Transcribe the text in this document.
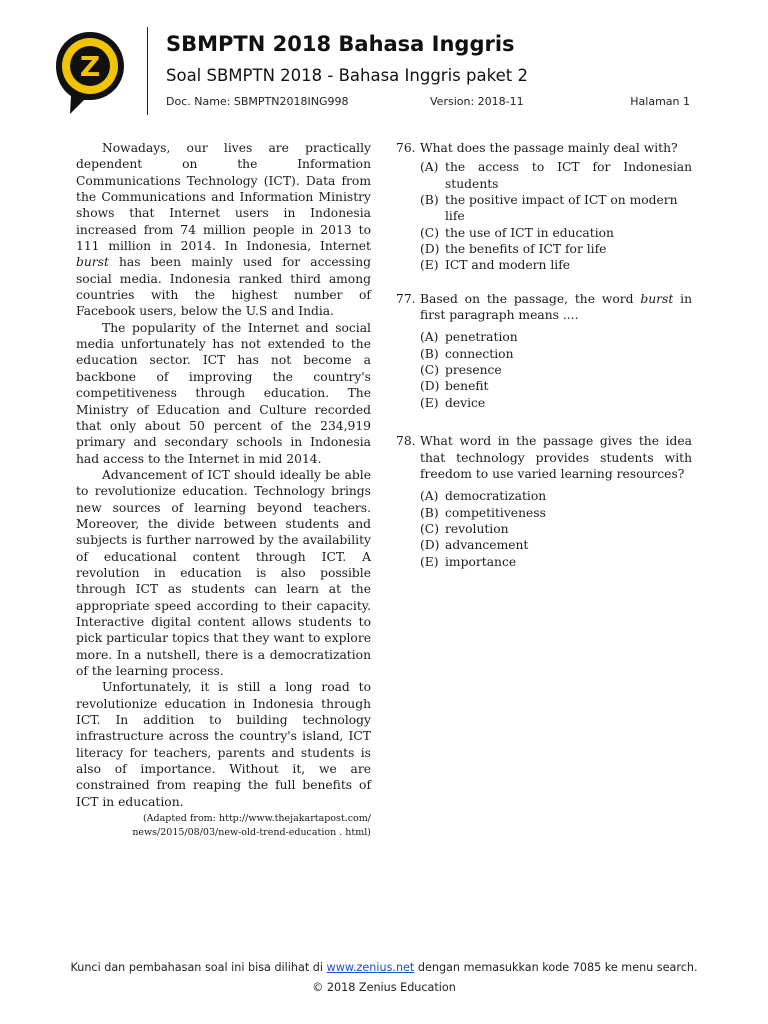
Z
SBMPTN 2018 Bahasa Inggris
Soal SBMPTN 2018 - Bahasa Inggris paket 2
Doc. Name: SBMPTN2018ING998	Version: 2018-11	Halaman 1

Nowadays, our lives are practically dependent on the Information Communications Technology (ICT). Data from the Communications and Information Ministry shows that Internet users in Indonesia increased from 74 million people in 2013 to 111 million in 2014. In Indonesia, Internet burst has been mainly used for accessing social media. Indonesia ranked third among countries with the highest number of Facebook users, below the U.S and India.

The popularity of the Internet and social media unfortunately has not extended to the education sector. ICT has not become a backbone of improving the country's competitiveness through education. The Ministry of Education and Culture recorded that only about 50 percent of the 234,919 primary and secondary schools in Indonesia had access to the Internet in mid 2014.

Advancement of ICT should ideally be able to revolutionize education. Technology brings new sources of learning beyond teachers. Moreover, the divide between students and subjects is further narrowed by the availability of educational content through ICT. A revolution in education is also possible through ICT as students can learn at the appropriate speed according to their capacity. Interactive digital content allows students to pick particular topics that they want to explore more. In a nutshell, there is a democratization of the learning process.

Unfortunately, it is still a long road to revolutionize education in Indonesia through ICT. In addition to building technology infrastructure across the country's island, ICT literacy for teachers, parents and students is also of importance. Without it, we are constrained from reaping the full benefits of ICT in education.

(Adapted from: http://www.thejakartapost.com/
news/2015/08/03/new-old-trend-education . html)
76. What does the passage mainly deal with?
(A) the access to ICT for Indonesian students
(B) the positive impact of ICT on modern life
(C) the use of ICT in education
(D) the benefits of ICT for life
(E) ICT and modern life
77. Based on the passage, the word burst in first paragraph means ....
(A) penetration
(B) connection
(C) presence
(D) benefit
(E) device
78. What word in the passage gives the idea that technology provides students with freedom to use varied learning resources?
(A) democratization
(B) competitiveness
(C) revolution
(D) advancement
(E) importance
Kunci dan pembahasan soal ini bisa dilihat di www.zenius.net dengan memasukkan kode 7085 ke menu search.
© 2018 Zenius Education
